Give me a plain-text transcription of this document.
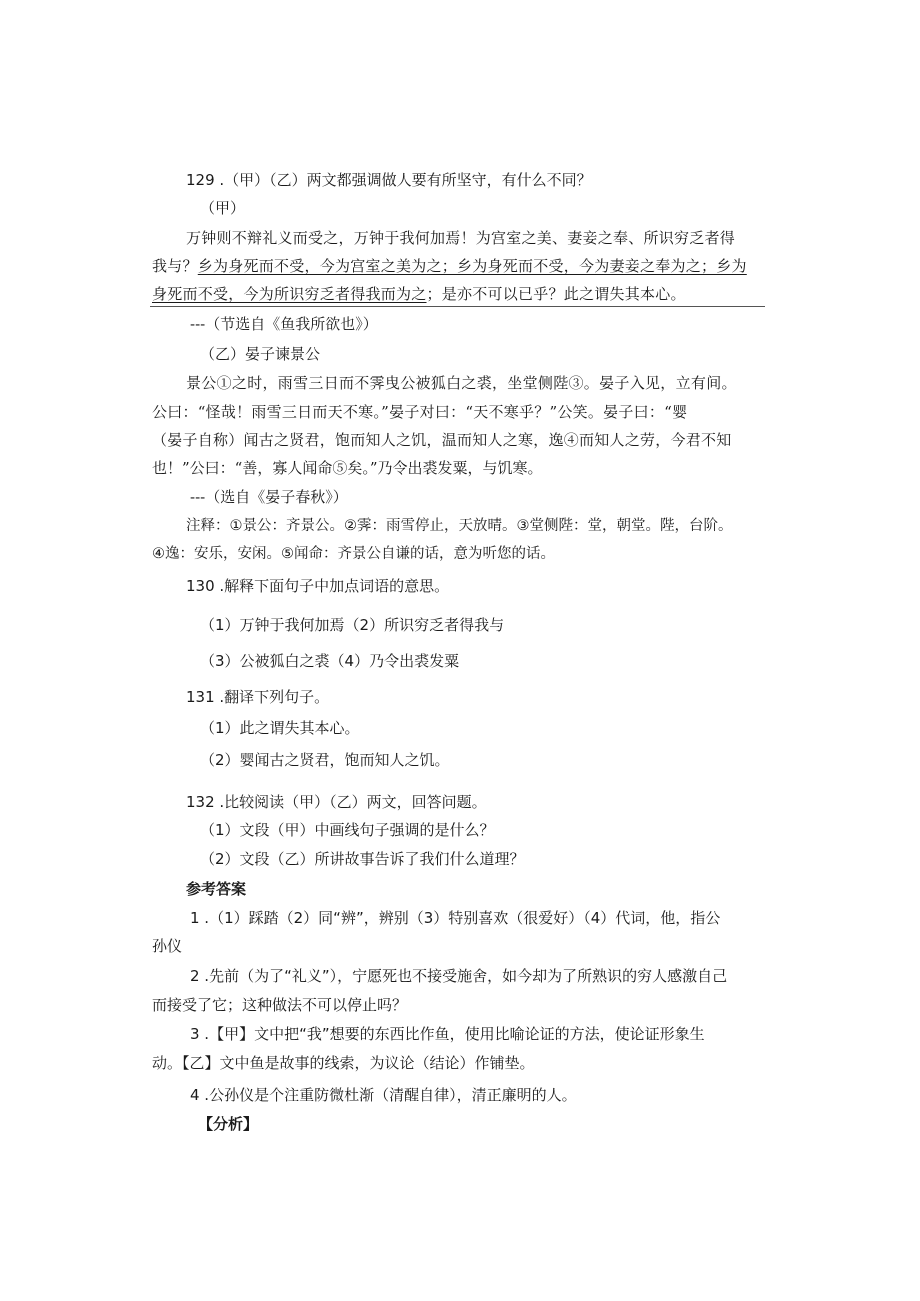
129 .（甲）（乙）两文都强调做人要有所坚守，有什么不同？
（甲）
万钟则不辩礼义而受之，万钟于我何加焉！为宫室之美、妻妾之奉、所识穷乏者得
我与？乡为身死而不受，今为宫室之美为之；乡为身死而不受，今为妻妾之奉为之；乡为
身死而不受，今为所识穷乏者得我而为之；是亦不可以已乎？此之谓失其本心。
---（节选自《鱼我所欲也》）
（乙）晏子谏景公
景公①之时，雨雪三日而不霁曳公被狐白之裘，坐堂侧陛③。晏子入见，立有间。
公曰：“怪哉！雨雪三日而天不寒。”晏子对曰：“天不寒乎？”公笑。晏子曰：“婴
（晏子自称）闻古之贤君，饱而知人之饥，温而知人之寒，逸④而知人之劳，今君不知
也！”公曰：“善，寡人闻命⑤矣。”乃令出裘发粟，与饥寒。
---（选自《晏子春秋》）
注释：①景公：齐景公。②霁：雨雪停止，天放晴。③堂侧陛：堂，朝堂。陛，台阶。
④逸：安乐，安闲。⑤闻命：齐景公自谦的话，意为听您的话。
130 .解释下面句子中加点词语的意思。
（1）万钟于我何加焉（2）所识穷乏者得我与
（3）公被狐白之裘（4）乃令出裘发粟
131 .翻译下列句子。
（1）此之谓失其本心。
（2）婴闻古之贤君，饱而知人之饥。
132 .比较阅读（甲）（乙）两文，回答问题。
（1）文段（甲）中画线句子强调的是什么？
（2）文段（乙）所讲故事告诉了我们什么道理？
参考答案
1 .（1）踩踏（2）同“辨”，辨别（3）特别喜欢（很爱好）（4）代词，他，指公
孙仪
2 .先前（为了“礼义”），宁愿死也不接受施舍，如今却为了所熟识的穷人感激自己
而接受了它；这种做法不可以停止吗？
3 .【甲】文中把“我”想要的东西比作鱼，使用比喻论证的方法，使论证形象生
动。【乙】文中鱼是故事的线索，为议论（结论）作铺垫。
4 .公孙仪是个注重防微杜渐（清醒自律），清正廉明的人。
【分析】
